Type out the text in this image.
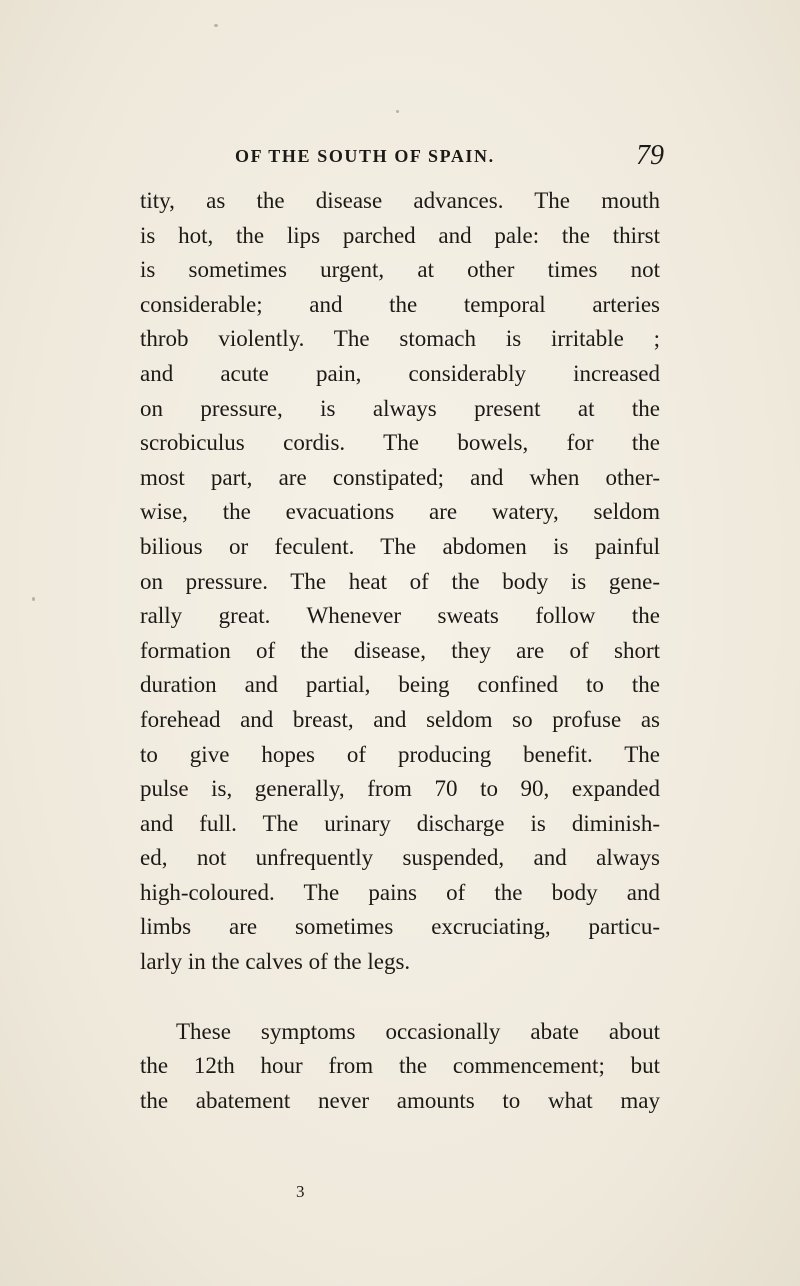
OF THE SOUTH OF SPAIN.	79
tity, as the disease advances. The mouth
is hot, the lips parched and pale: the thirst
is sometimes urgent, at other times not
considerable; and the temporal arteries
throb violently. The stomach is irritable ;
and acute pain, considerably increased
on pressure, is always present at the
scrobiculus cordis. The bowels, for the
most part, are constipated; and when other-
wise, the evacuations are watery, seldom
bilious or feculent. The abdomen is painful
on pressure. The heat of the body is gene-
rally great. Whenever sweats follow the
formation of the disease, they are of short
duration and partial, being confined to the
forehead and breast, and seldom so profuse as
to give hopes of producing benefit. The
pulse is, generally, from 70 to 90, expanded
and full. The urinary discharge is diminish-
ed, not unfrequently suspended, and always
high-coloured. The pains of the body and
limbs are sometimes excruciating, particu-
larly in the calves of the legs.
These symptoms occasionally abate about
the 12th hour from the commencement; but
the abatement never amounts to what may
3
